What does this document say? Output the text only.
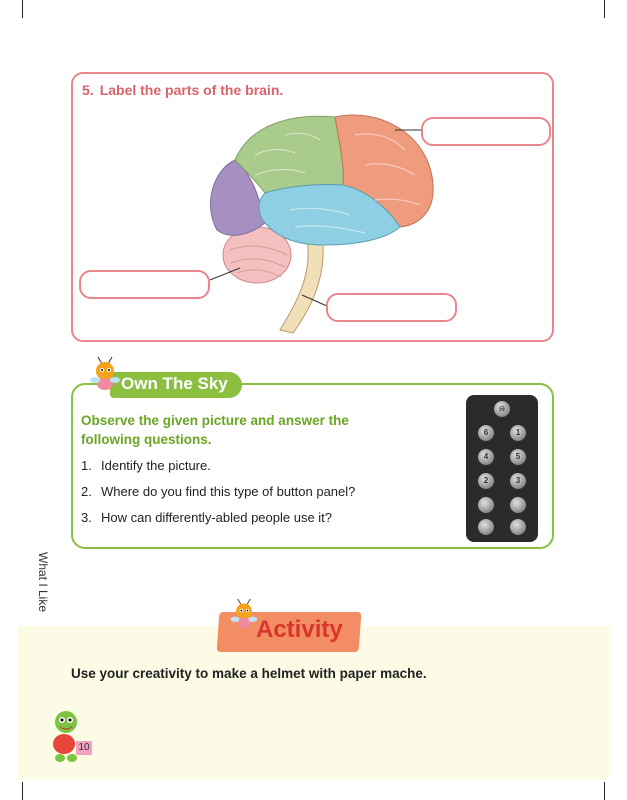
5. Label the parts of the brain.
Own The Sky
Observe the given picture and answer the following questions.
1. Identify the picture.
2. Where do you find this type of button panel?
3. How can differently-abled people use it?
⍾
6	1
4	5
2	3
What I Like
Activity
Use your creativity to make a helmet with paper mache.
10
